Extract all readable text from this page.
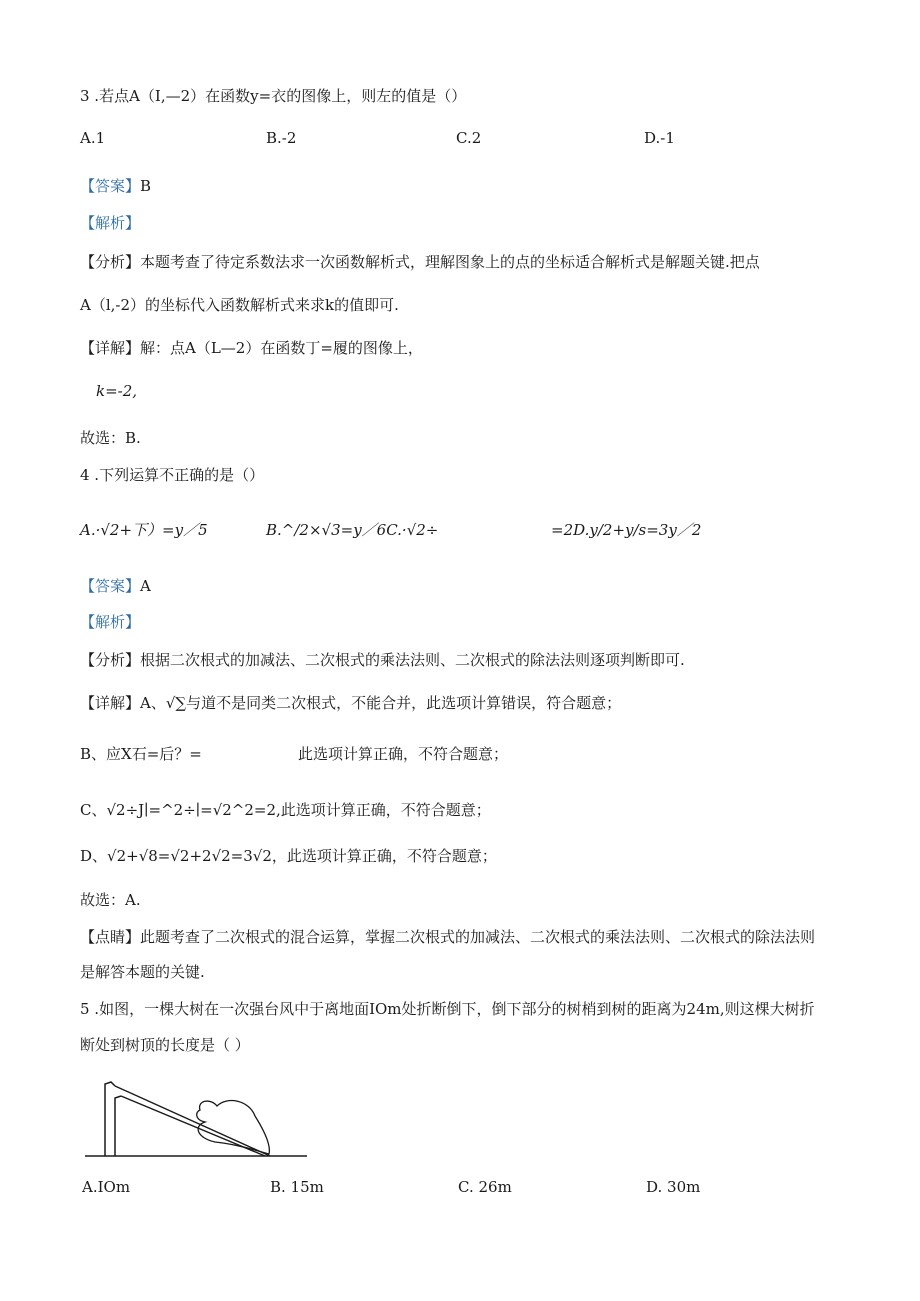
3 .若点A（I,—2）在函数y=衣的图像上，则左的值是（）
A.1	B.-2	C.2	D.-1
【答案】B
【解析】
【分析】本题考查了待定系数法求一次函数解析式，理解图象上的点的坐标适合解析式是解题关键.把点
A（l,-2）的坐标代入函数解析式来求k的值即可.
【详解】解：点A（L—2）在函数丁=履的图像上，
k=-2,
故选：B.
4 .下列运算不正确的是（）
A.·√2+下）=y／5	B.^/2×√3=y／6C.·√2÷	=2D.y/2+y/s=3y／2
【答案】A
【解析】
【分析】根据二次根式的加减法、二次根式的乘法法则、二次根式的除法法则逐项判断即可.
【详解】A、√∑与道不是同类二次根式，不能合并，此选项计算错误，符合题意；
B、应X石=后？=	此选项计算正确，不符合题意；
C、√2÷J∣=^2÷∣=√2^2=2,此选项计算正确，不符合题意；
D、√2+√8=√2+2√2=3√2，此选项计算正确，不符合题意；
故选：A.
【点睛】此题考查了二次根式的混合运算，掌握二次根式的加减法、二次根式的乘法法则、二次根式的除法法则
是解答本题的关键.
5 .如图，一棵大树在一次强台风中于离地面IOm处折断倒下，倒下部分的树梢到树的距离为24m,则这棵大树折
断处到树顶的长度是（ ）
A.IOm	B. 15m	C. 26m	D. 30m
